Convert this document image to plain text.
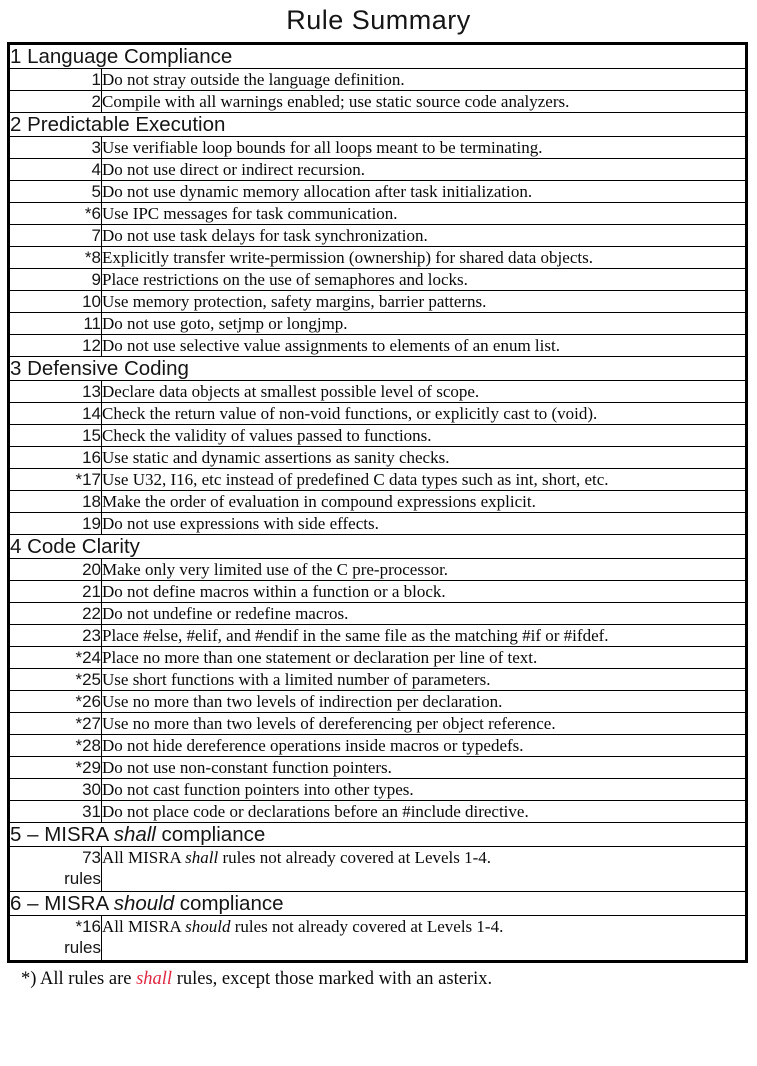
Rule Summary
1 Language Compliance	

1	Do not stray outside the language definition.

2	Compile with all warnings enabled; use static source code analyzers.
2 Predictable Execution	

3	Use verifiable loop bounds for all loops meant to be terminating.

4	Do not use direct or indirect recursion.

5	Do not use dynamic memory allocation after task initialization.

*6	Use IPC messages for task communication.

7	Do not use task delays for task synchronization.

*8	Explicitly transfer write-permission (ownership) for shared data objects.

9	Place restrictions on the use of semaphores and locks.

10	Use memory protection, safety margins, barrier patterns.

11	Do not use goto, setjmp or longjmp.

12	Do not use selective value assignments to elements of an enum list.
3 Defensive Coding	

13	Declare data objects at smallest possible level of scope.

14	Check the return value of non-void functions, or explicitly cast to (void).

15	Check the validity of values passed to functions.

16	Use static and dynamic assertions as sanity checks.

*17	Use U32, I16, etc instead of predefined C data types such as int, short, etc.

18	Make the order of evaluation in compound expressions explicit.

19	Do not use expressions with side effects.
4 Code Clarity	

20	Make only very limited use of the C pre-processor.

21	Do not define macros within a function or a block.

22	Do not undefine or redefine macros.

23	Place #else, #elif, and #endif in the same file as the matching #if or #ifdef.

*24	Place no more than one statement or declaration per line of text.

*25	Use short functions with a limited number of parameters.

*26	Use no more than two levels of indirection per declaration.

*27	Use no more than two levels of dereferencing per object reference.

*28	Do not hide dereference operations inside macros or typedefs.

*29	Do not use non-constant function pointers.

30	Do not cast function pointers into other types.

31	Do not place code or declarations before an #include directive.
5 – MISRA shall compliance	

73
rules	All MISRA shall rules not already covered at Levels 1-4.
6 – MISRA should compliance	

*16
rules	All MISRA should rules not already covered at Levels 1-4.
*) All rules are shall rules, except those marked with an asterix.
